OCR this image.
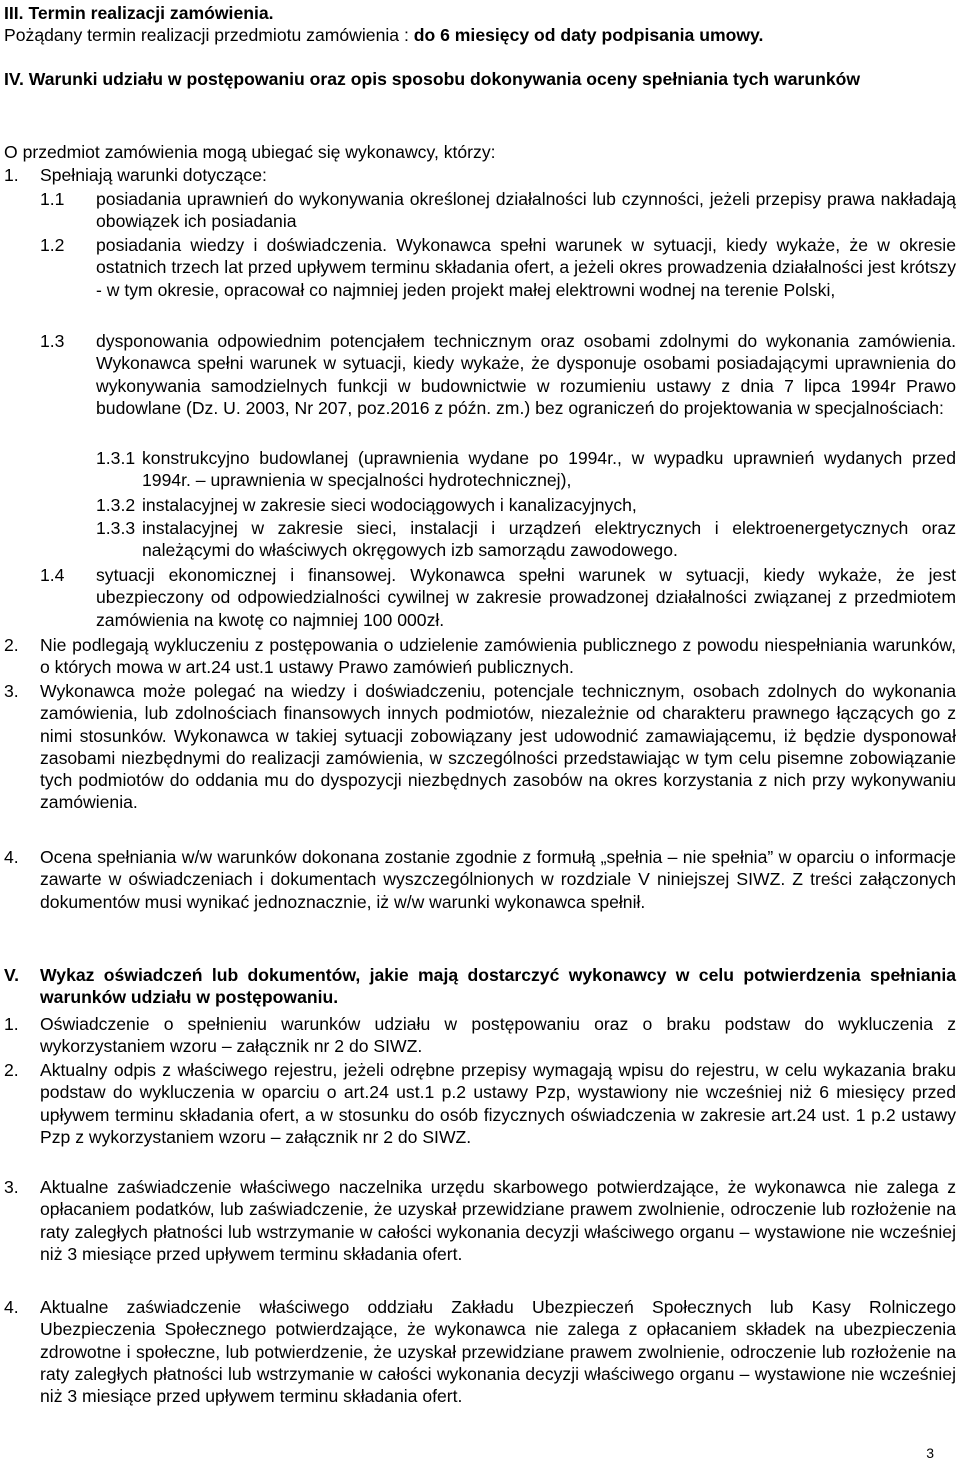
III. Termin realizacji zamówienia.

Pożądany termin realizacji przedmiotu zamówienia : do 6 miesięcy od daty podpisania umowy.

IV. Warunki udziału w postępowaniu oraz opis sposobu dokonywania oceny spełniania tych warunków

O przedmiot zamówienia mogą ubiegać się wykonawcy, którzy:

1.	Spełniają warunki dotyczące:
1.1	posiadania uprawnień do wykonywania określonej działalności lub czynności, jeżeli przepisy prawa nakładają obowiązek ich posiadania
1.2	posiadania wiedzy i doświadczenia. Wykonawca spełni warunek w sytuacji, kiedy wykaże, że w okresie ostatnich trzech lat przed upływem terminu składania ofert, a jeżeli okres prowadzenia działalności jest krótszy - w tym okresie, opracował co najmniej jeden projekt małej elektrowni wodnej na terenie Polski,
1.3	dysponowania odpowiednim potencjałem technicznym oraz osobami zdolnymi do wykonania zamówienia. Wykonawca spełni warunek w sytuacji, kiedy wykaże, że dysponuje osobami posiadającymi uprawnienia do wykonywania samodzielnych funkcji w budownictwie w rozumieniu ustawy z dnia 7 lipca 1994r Prawo budowlane (Dz. U. 2003, Nr 207, poz.2016 z późn. zm.) bez ograniczeń do projektowania w specjalnościach:
1.3.1 konstrukcyjno budowlanej (uprawnienia wydane po 1994r., w wypadku uprawnień wydanych przed 1994r. – uprawnienia w specjalności hydrotechnicznej),
1.3.2 instalacyjnej w zakresie sieci wodociągowych i kanalizacyjnych,
1.3.3 instalacyjnej w zakresie sieci, instalacji i urządzeń elektrycznych i elektroenergetycznych oraz należącymi do właściwych okręgowych izb samorządu zawodowego.
1.4	sytuacji ekonomicznej i finansowej. Wykonawca spełni warunek w sytuacji, kiedy wykaże, że jest ubezpieczony od odpowiedzialności cywilnej w zakresie prowadzonej działalności związanej z przedmiotem zamówienia na kwotę co najmniej 100 000zł.
2.	Nie podlegają wykluczeniu z postępowania o udzielenie zamówienia publicznego z powodu niespełniania warunków, o których mowa w art.24 ust.1 ustawy Prawo zamówień publicznych.
3.	Wykonawca może polegać na wiedzy i doświadczeniu, potencjale technicznym, osobach zdolnych do wykonania zamówienia, lub zdolnościach finansowych innych podmiotów, niezależnie od charakteru prawnego łączących go z nimi stosunków. Wykonawca w takiej sytuacji zobowiązany jest udowodnić zamawiającemu, iż będzie dysponował zasobami niezbędnymi do realizacji zamówienia, w szczególności przedstawiając w tym celu pisemne zobowiązanie tych podmiotów do oddania mu do dyspozycji niezbędnych zasobów na okres korzystania z nich przy wykonywaniu zamówienia.
4.	Ocena spełniania w/w warunków dokonana zostanie zgodnie z formułą „spełnia – nie spełnia” w oparciu o informacje zawarte w oświadczeniach i dokumentach wyszczególnionych w rozdziale V niniejszej SIWZ. Z treści załączonych dokumentów musi wynikać jednoznacznie, iż w/w warunki wykonawca spełnił.
V.	Wykaz oświadczeń lub dokumentów, jakie mają dostarczyć wykonawcy w celu potwierdzenia spełniania warunków udziału w postępowaniu.
1.	Oświadczenie o spełnieniu warunków udziału w postępowaniu oraz o braku podstaw do wykluczenia z wykorzystaniem wzoru – załącznik nr 2 do SIWZ.
2.	Aktualny odpis z właściwego rejestru, jeżeli odrębne przepisy wymagają wpisu do rejestru, w celu wykazania braku podstaw do wykluczenia w oparciu o art.24 ust.1 p.2 ustawy Pzp, wystawiony nie wcześniej niż 6 miesięcy przed upływem terminu składania ofert, a w stosunku do osób fizycznych oświadczenia w zakresie art.24 ust. 1 p.2 ustawy Pzp z wykorzystaniem wzoru – załącznik nr 2 do SIWZ.
3.	Aktualne zaświadczenie właściwego naczelnika urzędu skarbowego potwierdzające, że wykonawca nie zalega z opłacaniem podatków, lub zaświadczenie, że uzyskał przewidziane prawem zwolnienie, odroczenie lub rozłożenie na raty zaległych płatności lub wstrzymanie w całości wykonania decyzji właściwego organu – wystawione nie wcześniej niż 3 miesiące przed upływem terminu składania ofert.
4.	Aktualne zaświadczenie właściwego oddziału Zakładu Ubezpieczeń Społecznych lub Kasy Rolniczego Ubezpieczenia Społecznego potwierdzające, że wykonawca nie zalega z opłacaniem składek na ubezpieczenia zdrowotne i społeczne, lub potwierdzenie, że uzyskał przewidziane prawem zwolnienie, odroczenie lub rozłożenie na raty zaległych płatności lub wstrzymanie w całości wykonania decyzji właściwego organu – wystawione nie wcześniej niż 3 miesiące przed upływem terminu składania ofert.
3
